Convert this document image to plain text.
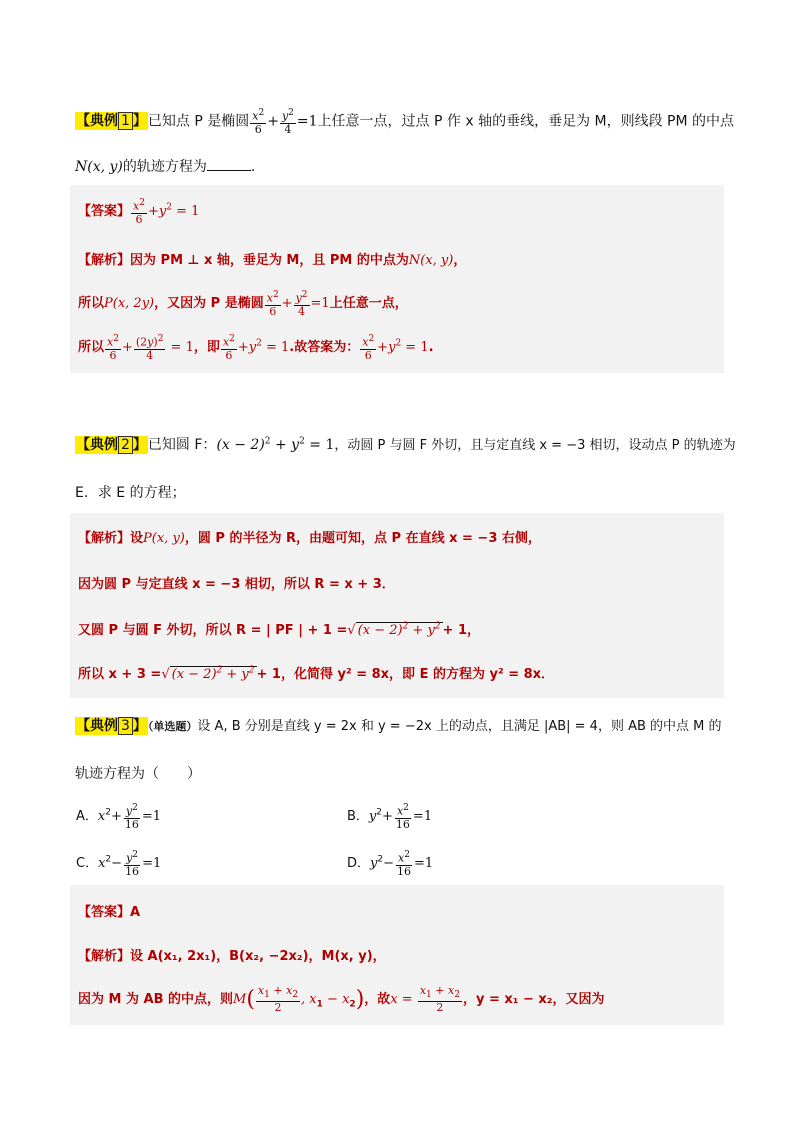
【典例 1 】已知点 P 是椭圆 $\frac{x^2}{6} + \frac{y^2}{4} =1$上任意一点，过点 P 作 x 轴的垂线，垂足为 M，则线段 PM 的中点
N(x, y)的轨迹方程为	.
【答案】 $\frac{x^2}{6} +y^2 = 1$
【解析】因为 PM ⊥ x 轴，垂足为 M，且 PM 的中点为N(x, y)，
所以P(x, 2y)，又因为 P 是椭圆 $\frac{x^2}{6} + \frac{y^2}{4} =1$上任意一点，
所以 $\frac{x^2}{6} + \frac{(2y)^2}{4} = 1$，即 $\frac{x^2}{6} +y^2 = 1$.故答案为： $\frac{x^2}{6} +y^2 = 1$.
【典例 2 】已知圆 F：$(x - 2)^2 + y^2 = 1$，动圆 P 与圆 F 外切，且与定直线 x = −3 相切，设动点 P 的轨迹为
E．求 E 的方程；
【解析】设P(x, y)，圆 P 的半径为 R，由题可知，点 P 在直线 x = −3 右侧，
因为圆 P 与定直线 x = −3 相切，所以 R = x + 3．
又圆 P 与圆 F 外切，所以 R = | PF | + 1 =√ $(x - 2)^2 + y^2 + 1$，
所以 x + 3 =√ $(x - 2)^2 + y^2 + 1$，化简得 y² = 8x，即 E 的方程为 y² = 8x．
【典例 3 】（单选题）设 A, B 分别是直线 y = 2x 和 y = −2x 上的动点，且满足 |AB| = 4，则 AB 的中点 M 的
轨迹方程为（　　）
A．$x^2+ \frac{y^2}{16} =1$	B．$y^2+ \frac{x^2}{16} =1$
C．$x^2- \frac{y^2}{16} =1$	D．$y^2- \frac{x^2}{16} =1$
【答案】A
【解析】设 A(x₁, 2x₁)，B(x₂, −2x₂)，M(x, y)，
因为 M 为 AB 的中点，则$M( \frac{x_1 + x_2}{2}$ , $x_1 - x_2$)，故$x = \frac{x_1 + x_2}{2}$ ，y = x₁ − x₂，又因为
